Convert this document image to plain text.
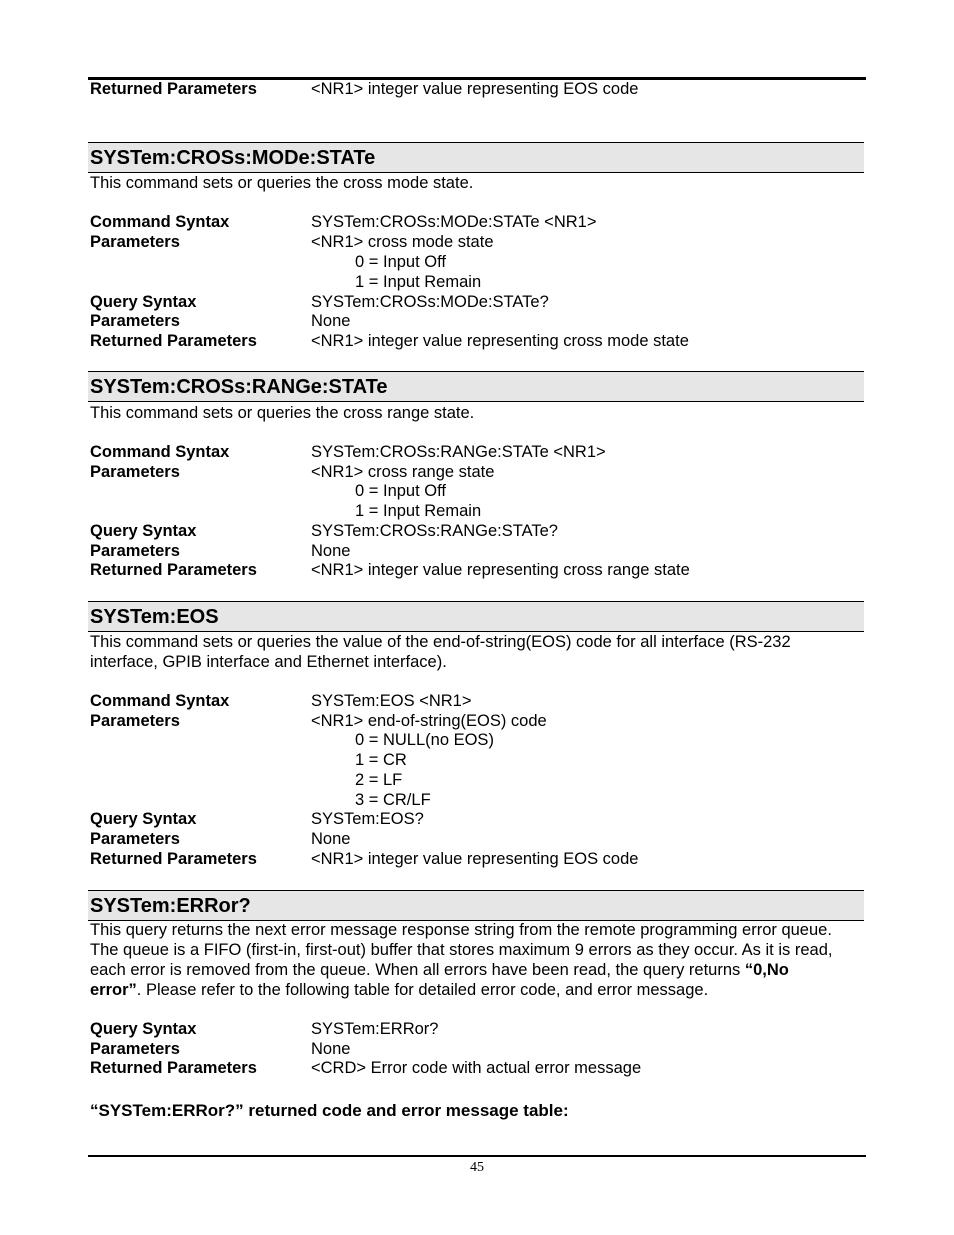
Returned Parameters	<NR1> integer value representing EOS code
SYSTem:CROSs:MODe:STATe
This command sets or queries the cross mode state.
Command Syntax	SYSTem:CROSs:MODe:STATe <NR1>
Parameters	<NR1> cross mode state
0 = Input Off
1 = Input Remain
Query Syntax	SYSTem:CROSs:MODe:STATe?
Parameters	None
Returned Parameters	<NR1> integer value representing cross mode state
SYSTem:CROSs:RANGe:STATe
This command sets or queries the cross range state.
Command Syntax	SYSTem:CROSs:RANGe:STATe <NR1>
Parameters	<NR1> cross range state
0 = Input Off
1 = Input Remain
Query Syntax	SYSTem:CROSs:RANGe:STATe?
Parameters	None
Returned Parameters	<NR1> integer value representing cross range state
SYSTem:EOS
This command sets or queries the value of the end-of-string(EOS) code for all interface (RS-232
interface, GPIB interface and Ethernet interface).
Command Syntax	SYSTem:EOS <NR1>
Parameters	<NR1> end-of-string(EOS) code
0 = NULL(no EOS)
1 = CR
2 = LF
3 = CR/LF
Query Syntax	SYSTem:EOS?
Parameters	None
Returned Parameters	<NR1> integer value representing EOS code
SYSTem:ERRor?
This query returns the next error message response string from the remote programming error queue.
The queue is a FIFO (first-in, first-out) buffer that stores maximum 9 errors as they occur. As it is read,
each error is removed from the queue. When all errors have been read, the query returns “0,No
error”. Please refer to the following table for detailed error code, and error message.
Query Syntax	SYSTem:ERRor?
Parameters	None
Returned Parameters	<CRD> Error code with actual error message
“SYSTem:ERRor?” returned code and error message table:
45
